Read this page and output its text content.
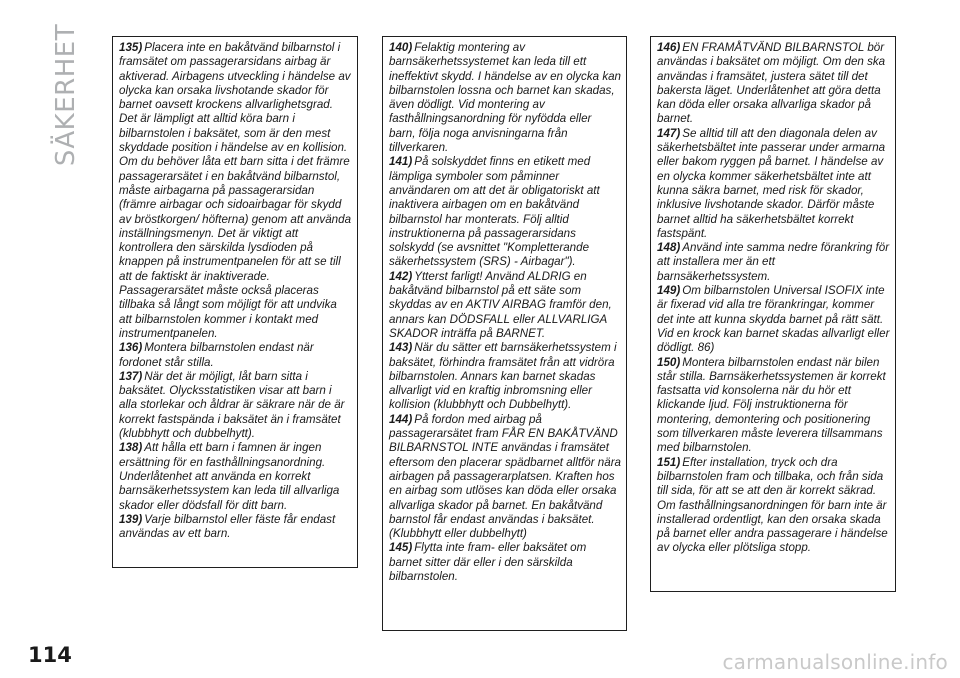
SÄKERHET	135) Placera inte en bakåtvänd bilbarnstol i framsätet om passagerarsidans airbag är aktiverad. Airbagens utveckling i händelse av olycka kan orsaka livshotande skador för barnet oavsett krockens allvarlighetsgrad. Det är lämpligt att alltid köra barn i bilbarnstolen i baksätet, som är den mest skyddade position i händelse av en kollision. Om du behöver låta ett barn sitta i det främre passagerarsätet i en bakåtvänd bilbarnstol, måste airbagarna på passagerarsidan (främre airbagar och sidoairbagar för skydd av bröstkorgen/ höfterna) genom att använda inställningsmenyn. Det är viktigt att kontrollera den särskilda lysdioden på knappen på instrumentpanelen för att se till att de faktiskt är inaktiverade. Passagerarsätet måste också placeras tillbaka så långt som möjligt för att undvika att bilbarnstolen kommer i kontakt med instrumentpanelen.

136) Montera bilbarnstolen endast när fordonet står stilla.

137) När det är möjligt, låt barn sitta i baksätet. Olycksstatistiken visar att barn i alla storlekar och åldrar är säkrare när de är korrekt fastspända i baksätet än i framsätet (klubbhytt och dubbelhytt).

138) Att hålla ett barn i famnen är ingen ersättning för en fasthållningsanordning. Underlåtenhet att använda en korrekt barnsäkerhetssystem kan leda till allvarliga skador eller dödsfall för ditt barn.

139) Varje bilbarnstol eller fäste får endast användas av ett barn.

140) Felaktig montering av barnsäkerhetssystemet kan leda till ett ineffektivt skydd. I händelse av en olycka kan bilbarnstolen lossna och barnet kan skadas, även dödligt. Vid montering av fasthållningsanordning för nyfödda eller barn, följa noga anvisningarna från tillverkaren.

141) På solskyddet finns en etikett med lämpliga symboler som påminner användaren om att det är obligatoriskt att inaktivera airbagen om en bakåtvänd bilbarnstol har monterats. Följ alltid instruktionerna på passagerarsidans solskydd (se avsnittet "Kompletterande säkerhetssystem (SRS) - Airbagar").

142) Ytterst farligt! Använd ALDRIG en bakåtvänd bilbarnstol på ett säte som skyddas av en AKTIV AIRBAG framför den, annars kan DÖDSFALL eller ALLVARLIGA SKADOR inträffa på BARNET.

143) När du sätter ett barnsäkerhetssystem i baksätet, förhindra framsätet från att vidröra bilbarnstolen. Annars kan barnet skadas allvarligt vid en kraftig inbromsning eller kollision (klubbhytt och Dubbelhytt).

144) På fordon med airbag på passagerarsätet fram FÅR EN BAKÅTVÄND BILBARNSTOL INTE användas i framsätet eftersom den placerar spädbarnet alltför nära airbagen på passagerarplatsen. Kraften hos en airbag som utlöses kan döda eller orsaka allvarliga skador på barnet. En bakåtvänd barnstol får endast användas i baksätet. (Klubbhytt eller dubbelhytt)

145) Flytta inte fram- eller baksätet om barnet sitter där eller i den särskilda bilbarnstolen.

146) EN FRAMÅTVÄND BILBARNSTOL bör användas i baksätet om möjligt. Om den ska användas i framsätet, justera sätet till det bakersta läget. Underlåtenhet att göra detta kan döda eller orsaka allvarliga skador på barnet.

147) Se alltid till att den diagonala delen av säkerhetsbältet inte passerar under armarna eller bakom ryggen på barnet. I händelse av en olycka kommer säkerhetsbältet inte att kunna säkra barnet, med risk för skador, inklusive livshotande skador. Därför måste barnet alltid ha säkerhetsbältet korrekt fastspänt.

148) Använd inte samma nedre förankring för att installera mer än ett barnsäkerhetssystem.

149) Om bilbarnstolen Universal ISOFIX inte är fixerad vid alla tre förankringar, kommer det inte att kunna skydda barnet på rätt sätt. Vid en krock kan barnet skadas allvarligt eller dödligt. 86)

150) Montera bilbarnstolen endast när bilen står stilla. Barnsäkerhetssystemen är korrekt fastsatta vid konsolerna när du hör ett klickande ljud. Följ instruktionerna för montering, demontering och positionering som tillverkaren måste leverera tillsammans med bilbarnstolen.

151) Efter installation, tryck och dra bilbarnstolen fram och tillbaka, och från sida till sida, för att se att den är korrekt säkrad. Om fasthållningsanordningen för barn inte är installerad ordentligt, kan den orsaka skada på barnet eller andra passagerare i händelse av olycka eller plötsliga stopp.

114	carmanualsonline.info
